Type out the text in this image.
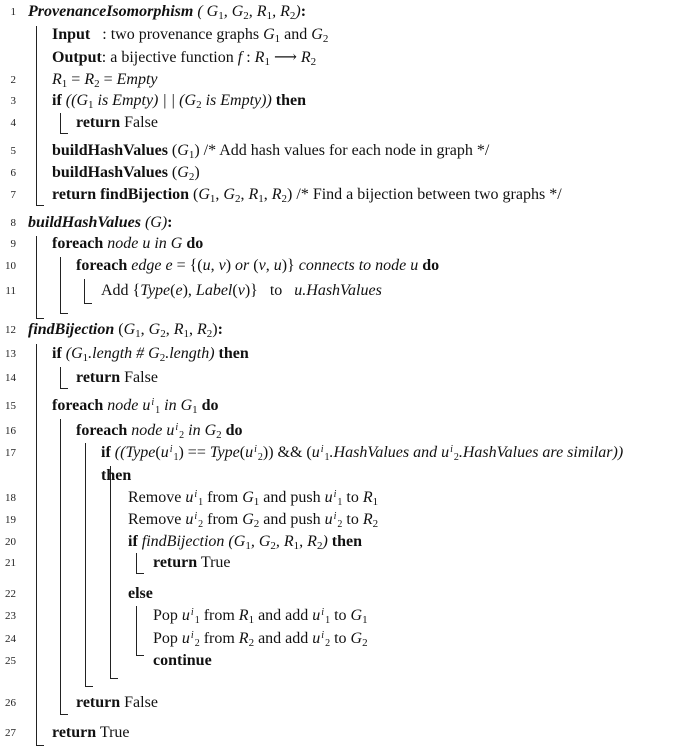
1 ProvenanceIsomorphism ( $G_1$, $G_2$, $R_1$, $R_2$):
Input   : two provenance graphs $G_1$ and $G_2$
Output: a bijective function f : $R_1$ ⟶ $R_2$
2 $R_1 = R_2$ = Empty
3 if (($G_1$ is Empty) | | ($G_2$ is Empty)) then
4	return False
5 buildHashValues $(G_1)$ /* Add hash values for each node in graph */
6 buildHashValues $(G_2)$
7 return findBijection ($G_1$, $G_2$, $R_1$, $R_2$) /* Find a bijection between two graphs */
8 buildHashValues (G):
9 foreach node u in G do
10	foreach edge e = {(u, v) or (v, u)} connects to node u do
11	Add {Type(e), Label(v)}   to   u.HashValues
12 findBijection ($G_1$, $G_2$, $R_1$, $R_2$):
13 if ($G_1.length$ # $G_2.length$) then
14	return False
15 foreach node $u^i1$ in $G_1$ do
16	foreach node $u^i2$ in $G_2$ do
17	if (($Type(u^i1)$ == $Type(u^i2)$) && ($u^i1.HashValues$ and $u^i2.HashValues$ are similar))
then
18	Remove $u^i1$ from $G_1$ and push $u^i1$ to $R_1$
19	Remove $u^i2$ from $G_2$ and push $u^i2$ to $R_2$
20	if findBijection ($G_1$, $G_2$, $R_1$, $R_2$) then
21	return True
22	else
23	Pop $u^i1$ from $R_1$ and add $u^i1$ to $G_1$
24	Pop $u^i2$ from $R_2$ and add $u^i2$ to $G_2$
25	continue
26	return False
27 return True
